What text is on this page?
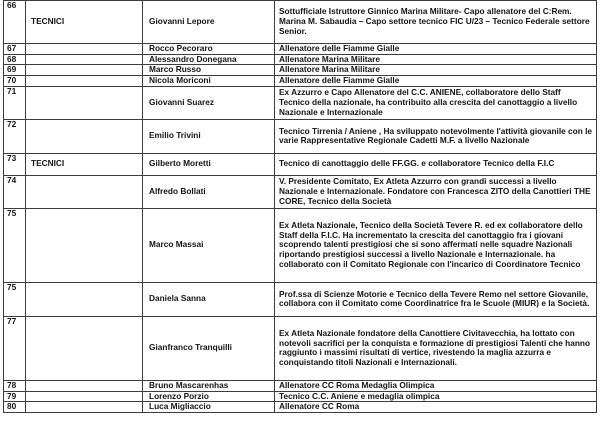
66	TECNICI	Giovanni Lepore	Sottufficiale Istruttore Ginnico Marina Militare- Capo allenatore del C:Rem. Marina M. Sabaudia – Capo settore tecnico FIC U/23 – Tecnico Federale settore Senior.

67		Rocco Pecoraro	Allenatore delle Fiamme Gialle

68		Alessandro Donegana	Allenatore Marina Militare

69		Marco Russo	Allenatore Marina Militare

70		Nicola Moriconi	Allenatore delle Fiamme Gialle

71		Giovanni Suarez	Ex Azzurro e Capo Allenatore del C.C. ANIENE, collaboratore dello Staff Tecnico della nazionale, ha contribuito alla crescita del canottaggio a livello Nazionale e Internazionale

72		Emilio Trivini	Tecnico Tirrenia / Aniene , Ha sviluppato notevolmente l'attività giovanile con le varie Rappresentative Regionale Cadetti M.F. a livello Nazionale

73	TECNICI	Gilberto Moretti	Tecnico di canottaggio delle FF.GG. e collaboratore Tecnico della F.I.C

74		Alfredo Bollati	V. Presidente Comitato, Ex Atleta Azzurro con grandi successi a livello Nazionale e Internazionale. Fondatore con Francesca ZITO della Canottieri THE CORE, Tecnico della Società

75		Marco Massai	Ex Atleta Nazionale, Tecnico della Società Tevere R. ed ex collaboratore dello Staff della F.I.C. Ha incrementato la crescita del canottaggio fra i giovani scoprendo talenti prestigiosi che si sono affermati nelle squadre Nazionali riportando prestigiosi successi a livello Nazionale e Internazionale. ha collaborato con il Comitato Regionale con l'incarico di Coordinatore Tecnico

75		Daniela Sanna	Prof.ssa di Scienze Motorie e Tecnico della Tevere Remo nel settore Giovanile, collabora con il Comitato come Coordinatrice fra le Scuole (MIUR) e la Società.

77		Gianfranco Tranquilli	Ex Atleta Nazionale fondatore della Canottiere Civitavecchia, ha lottato con notevoli sacrifici per la conquista e formazione di prestigiosi Talenti che hanno raggiunto i massimi risultati di vertice, rivestendo la maglia azzurra e conquistando titoli Nazionali e Internazionali.

78		Bruno Mascarenhas	Allenatore CC Roma Medaglia Olimpica

79		Lorenzo Porzio	Tecnico C.C. Aniene e medaglia olimpica

80		Luca Migliaccio	Allenatore CC Roma
